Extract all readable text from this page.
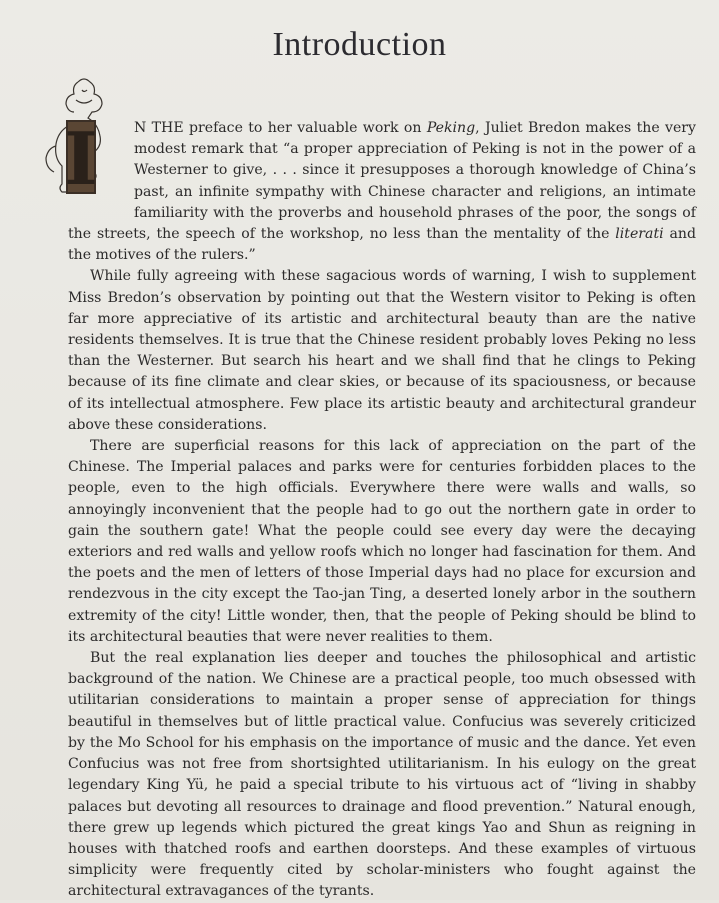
Introduction
I	N THE preface to her valuable work on Peking, Juliet Bredon makes the very modest remark that “a proper appreciation of Peking is not in the power of a Westerner to give, . . . since it presupposes a thorough knowledge of China’s past, an infinite sympathy with Chinese character and religions, an intimate familiarity with the proverbs and household phrases of the poor, the songs of the streets, the speech of the workshop, no less than the mentality of the literati and the motives of the rulers.”

While fully agreeing with these sagacious words of warning, I wish to supplement Miss Bredon’s observation by pointing out that the Western visitor to Peking is often far more appreciative of its artistic and architectural beauty than are the native residents themselves. It is true that the Chinese resident probably loves Peking no less than the Westerner. But search his heart and we shall find that he clings to Peking because of its fine climate and clear skies, or because of its spaciousness, or because of its intellectual atmosphere. Few place its artistic beauty and architectural grandeur above these considerations.

There are superficial reasons for this lack of appreciation on the part of the Chinese. The Imperial palaces and parks were for centuries forbidden places to the people, even to the high officials. Everywhere there were walls and walls, so annoyingly inconvenient that the people had to go out the northern gate in order to gain the southern gate! What the people could see every day were the decaying exteriors and red walls and yellow roofs which no longer had fascination for them. And the poets and the men of letters of those Imperial days had no place for excursion and rendezvous in the city except the Tao-jan Ting, a deserted lonely arbor in the southern extremity of the city! Little wonder, then, that the people of Peking should be blind to its architectural beauties that were never realities to them.

But the real explanation lies deeper and touches the philosophical and artistic background of the nation. We Chinese are a practical people, too much obsessed with utilitarian considerations to maintain a proper sense of appreciation for things beautiful in themselves but of little practical value. Confucius was severely criticized by the Mo School for his emphasis on the importance of music and the dance. Yet even Confucius was not free from shortsighted utilitarianism. In his eulogy on the great legendary King Yü, he paid a special tribute to his virtuous act of “living in shabby palaces but devoting all resources to drainage and flood prevention.” Natural enough, there grew up legends which pictured the great kings Yao and Shun as reigning in houses with thatched roofs and earthen doorsteps. And these examples of virtuous simplicity were frequently cited by scholar-ministers who fought against the architectural extravagances of the tyrants.
